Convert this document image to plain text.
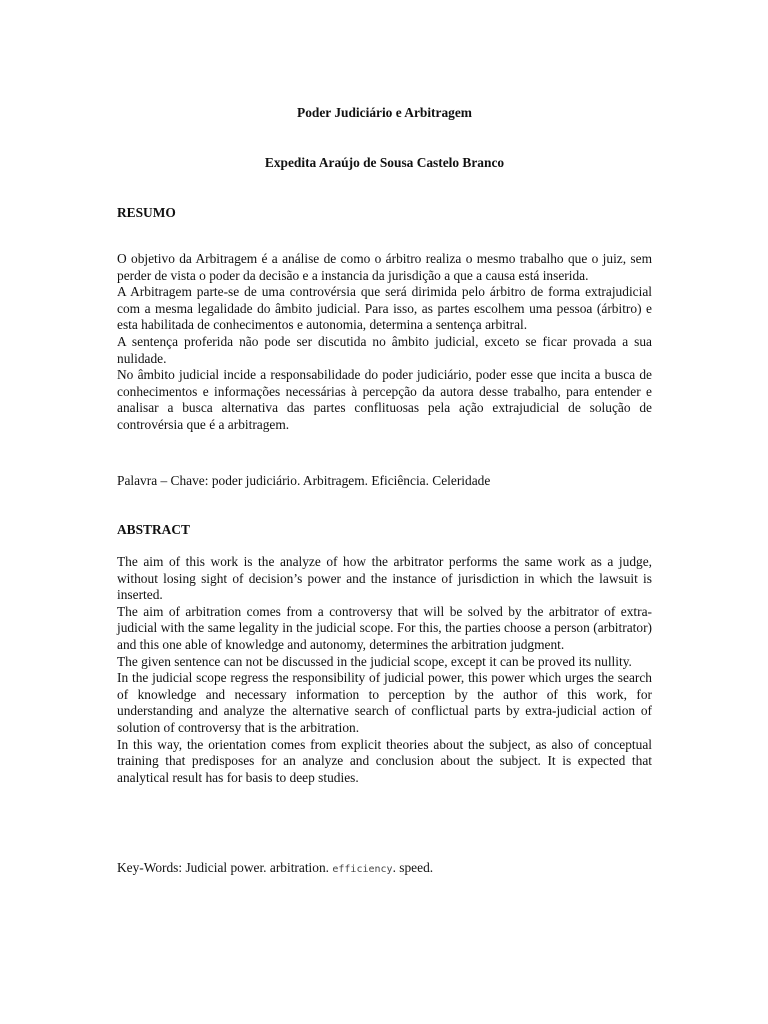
Poder Judiciário e Arbitragem
Expedita Araújo de Sousa Castelo Branco
RESUMO

O objetivo da Arbitragem é a análise de como o árbitro realiza o mesmo trabalho que o juiz, sem perder de vista o poder da decisão e a instancia da jurisdição a que a causa está inserida.

A Arbitragem parte-se de uma controvérsia que será dirimida pelo árbitro de forma extrajudicial com a mesma legalidade do âmbito judicial. Para isso, as partes escolhem uma pessoa (árbitro) e esta habilitada de conhecimentos e autonomia, determina a sentença arbitral.

A sentença proferida não pode ser discutida no âmbito judicial, exceto se ficar provada a sua nulidade.

No âmbito judicial incide a responsabilidade do poder judiciário, poder esse que incita a busca de conhecimentos e informações necessárias à percepção da autora desse trabalho, para entender e analisar a busca alternativa das partes conflituosas pela ação extrajudicial de solução de controvérsia que é a arbitragem.

Palavra – Chave: poder judiciário. Arbitragem. Eficiência. Celeridade

ABSTRACT

The aim of this work is the analyze of how the arbitrator performs the same work as a judge, without losing sight of decision’s power and the instance of jurisdiction in which the lawsuit is inserted.

The aim of arbitration comes from a controversy that will be solved by the arbitrator of extra-judicial with the same legality in the judicial scope. For this, the parties choose a person (arbitrator) and this one able of knowledge and autonomy, determines the arbitration judgment.

The given sentence can not be discussed in the judicial scope, except it can be proved its nullity.

In the judicial scope regress the responsibility of judicial power, this power which urges the search of knowledge and necessary information to perception by the author of this work, for understanding and analyze the alternative search of conflictual parts by extra-judicial action of solution of controversy that is the arbitration.

In this way, the orientation comes from explicit theories about the subject, as also of conceptual training that predisposes for an analyze and conclusion about the subject. It is expected that analytical result has for basis to deep studies.

Key-Words: Judicial power. arbitration. efficiency. speed.
